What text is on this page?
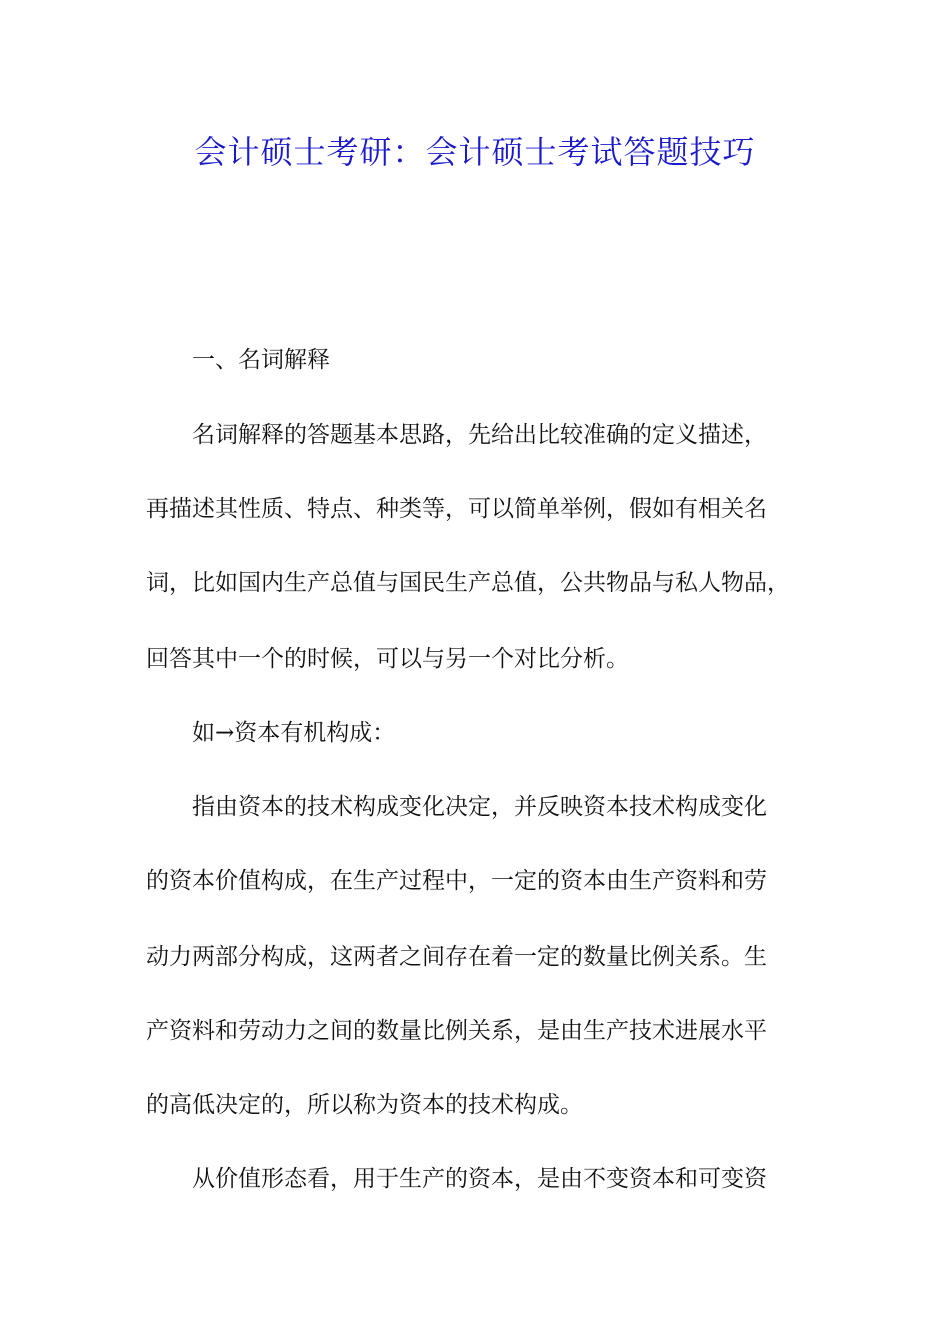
会计硕士考研：会计硕士考试答题技巧
一、名词解释
名词解释的答题基本思路，先给出比较准确的定义描述，
再描述其性质、特点、种类等，可以简单举例，假如有相关名
词，比如国内生产总值与国民生产总值，公共物品与私人物品，
回答其中一个的时候，可以与另一个对比分析。
如→资本有机构成：
指由资本的技术构成变化决定，并反映资本技术构成变化
的资本价值构成，在生产过程中，一定的资本由生产资料和劳
动力两部分构成，这两者之间存在着一定的数量比例关系。生
产资料和劳动力之间的数量比例关系，是由生产技术进展水平
的高低决定的，所以称为资本的技术构成。
从价值形态看，用于生产的资本，是由不变资本和可变资
